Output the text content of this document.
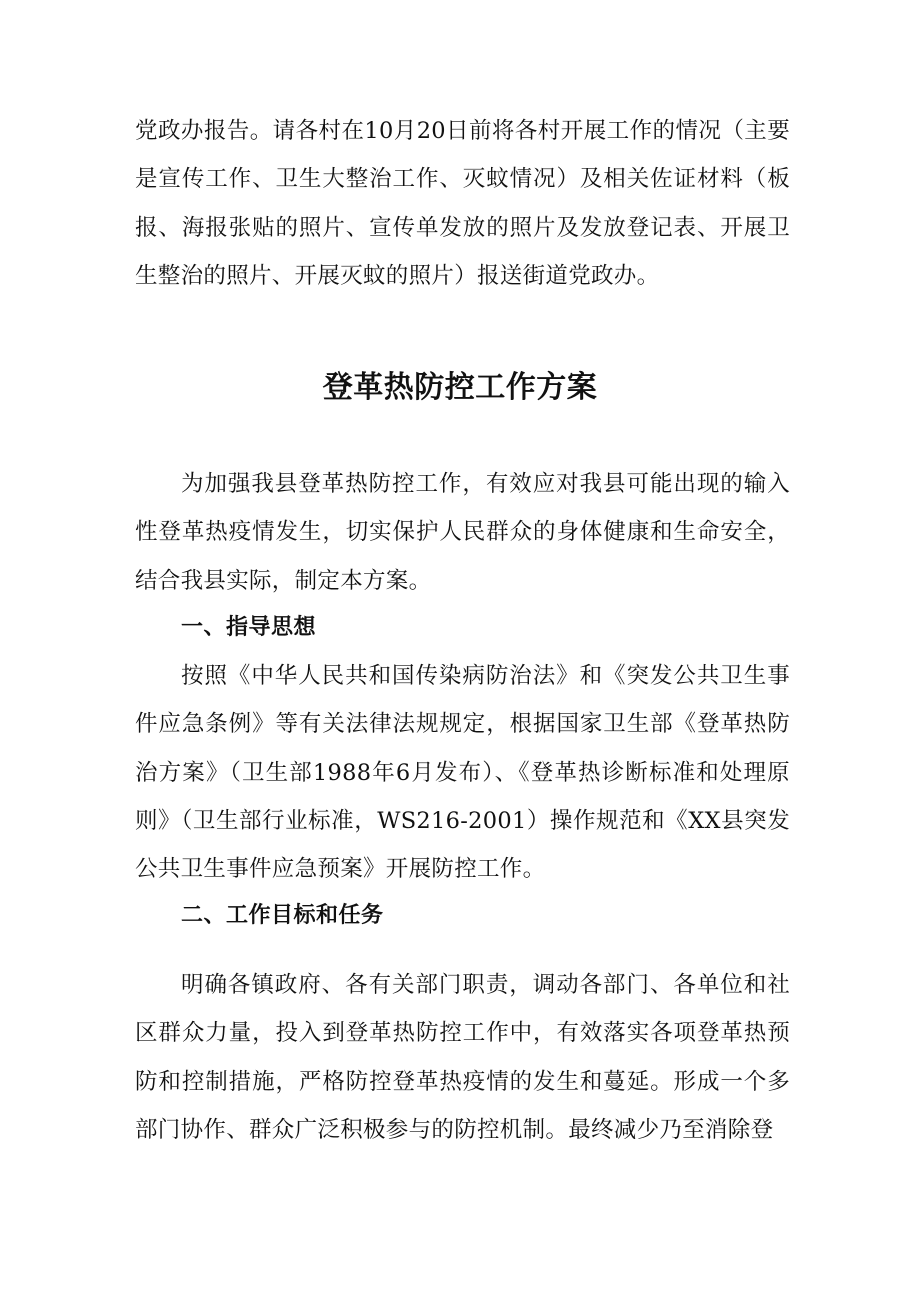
党政办报告。请各村在10月20日前将各村开展工作的情况（主要是宣传工作、卫生大整治工作、灭蚊情况）及相关佐证材料（板报、海报张贴的照片、宣传单发放的照片及发放登记表、开展卫生整治的照片、开展灭蚊的照片）报送街道党政办。

登革热防控工作方案

为加强我县登革热防控工作，有效应对我县可能出现的输入性登革热疫情发生，切实保护人民群众的身体健康和生命安全，结合我县实际，制定本方案。

一、指导思想

按照《中华人民共和国传染病防治法》和《突发公共卫生事件应急条例》等有关法律法规规定，根据国家卫生部《登革热防治方案》（卫生部1988年6月发布）、《登革热诊断标准和处理原则》（卫生部行业标准，WS216-2001）操作规范和《XX县突发公共卫生事件应急预案》开展防控工作。

二、工作目标和任务

明确各镇政府、各有关部门职责，调动各部门、各单位和社区群众力量，投入到登革热防控工作中，有效落实各项登革热预防和控制措施，严格防控登革热疫情的发生和蔓延。形成一个多部门协作、群众广泛积极参与的防控机制。最终减少乃至消除登
